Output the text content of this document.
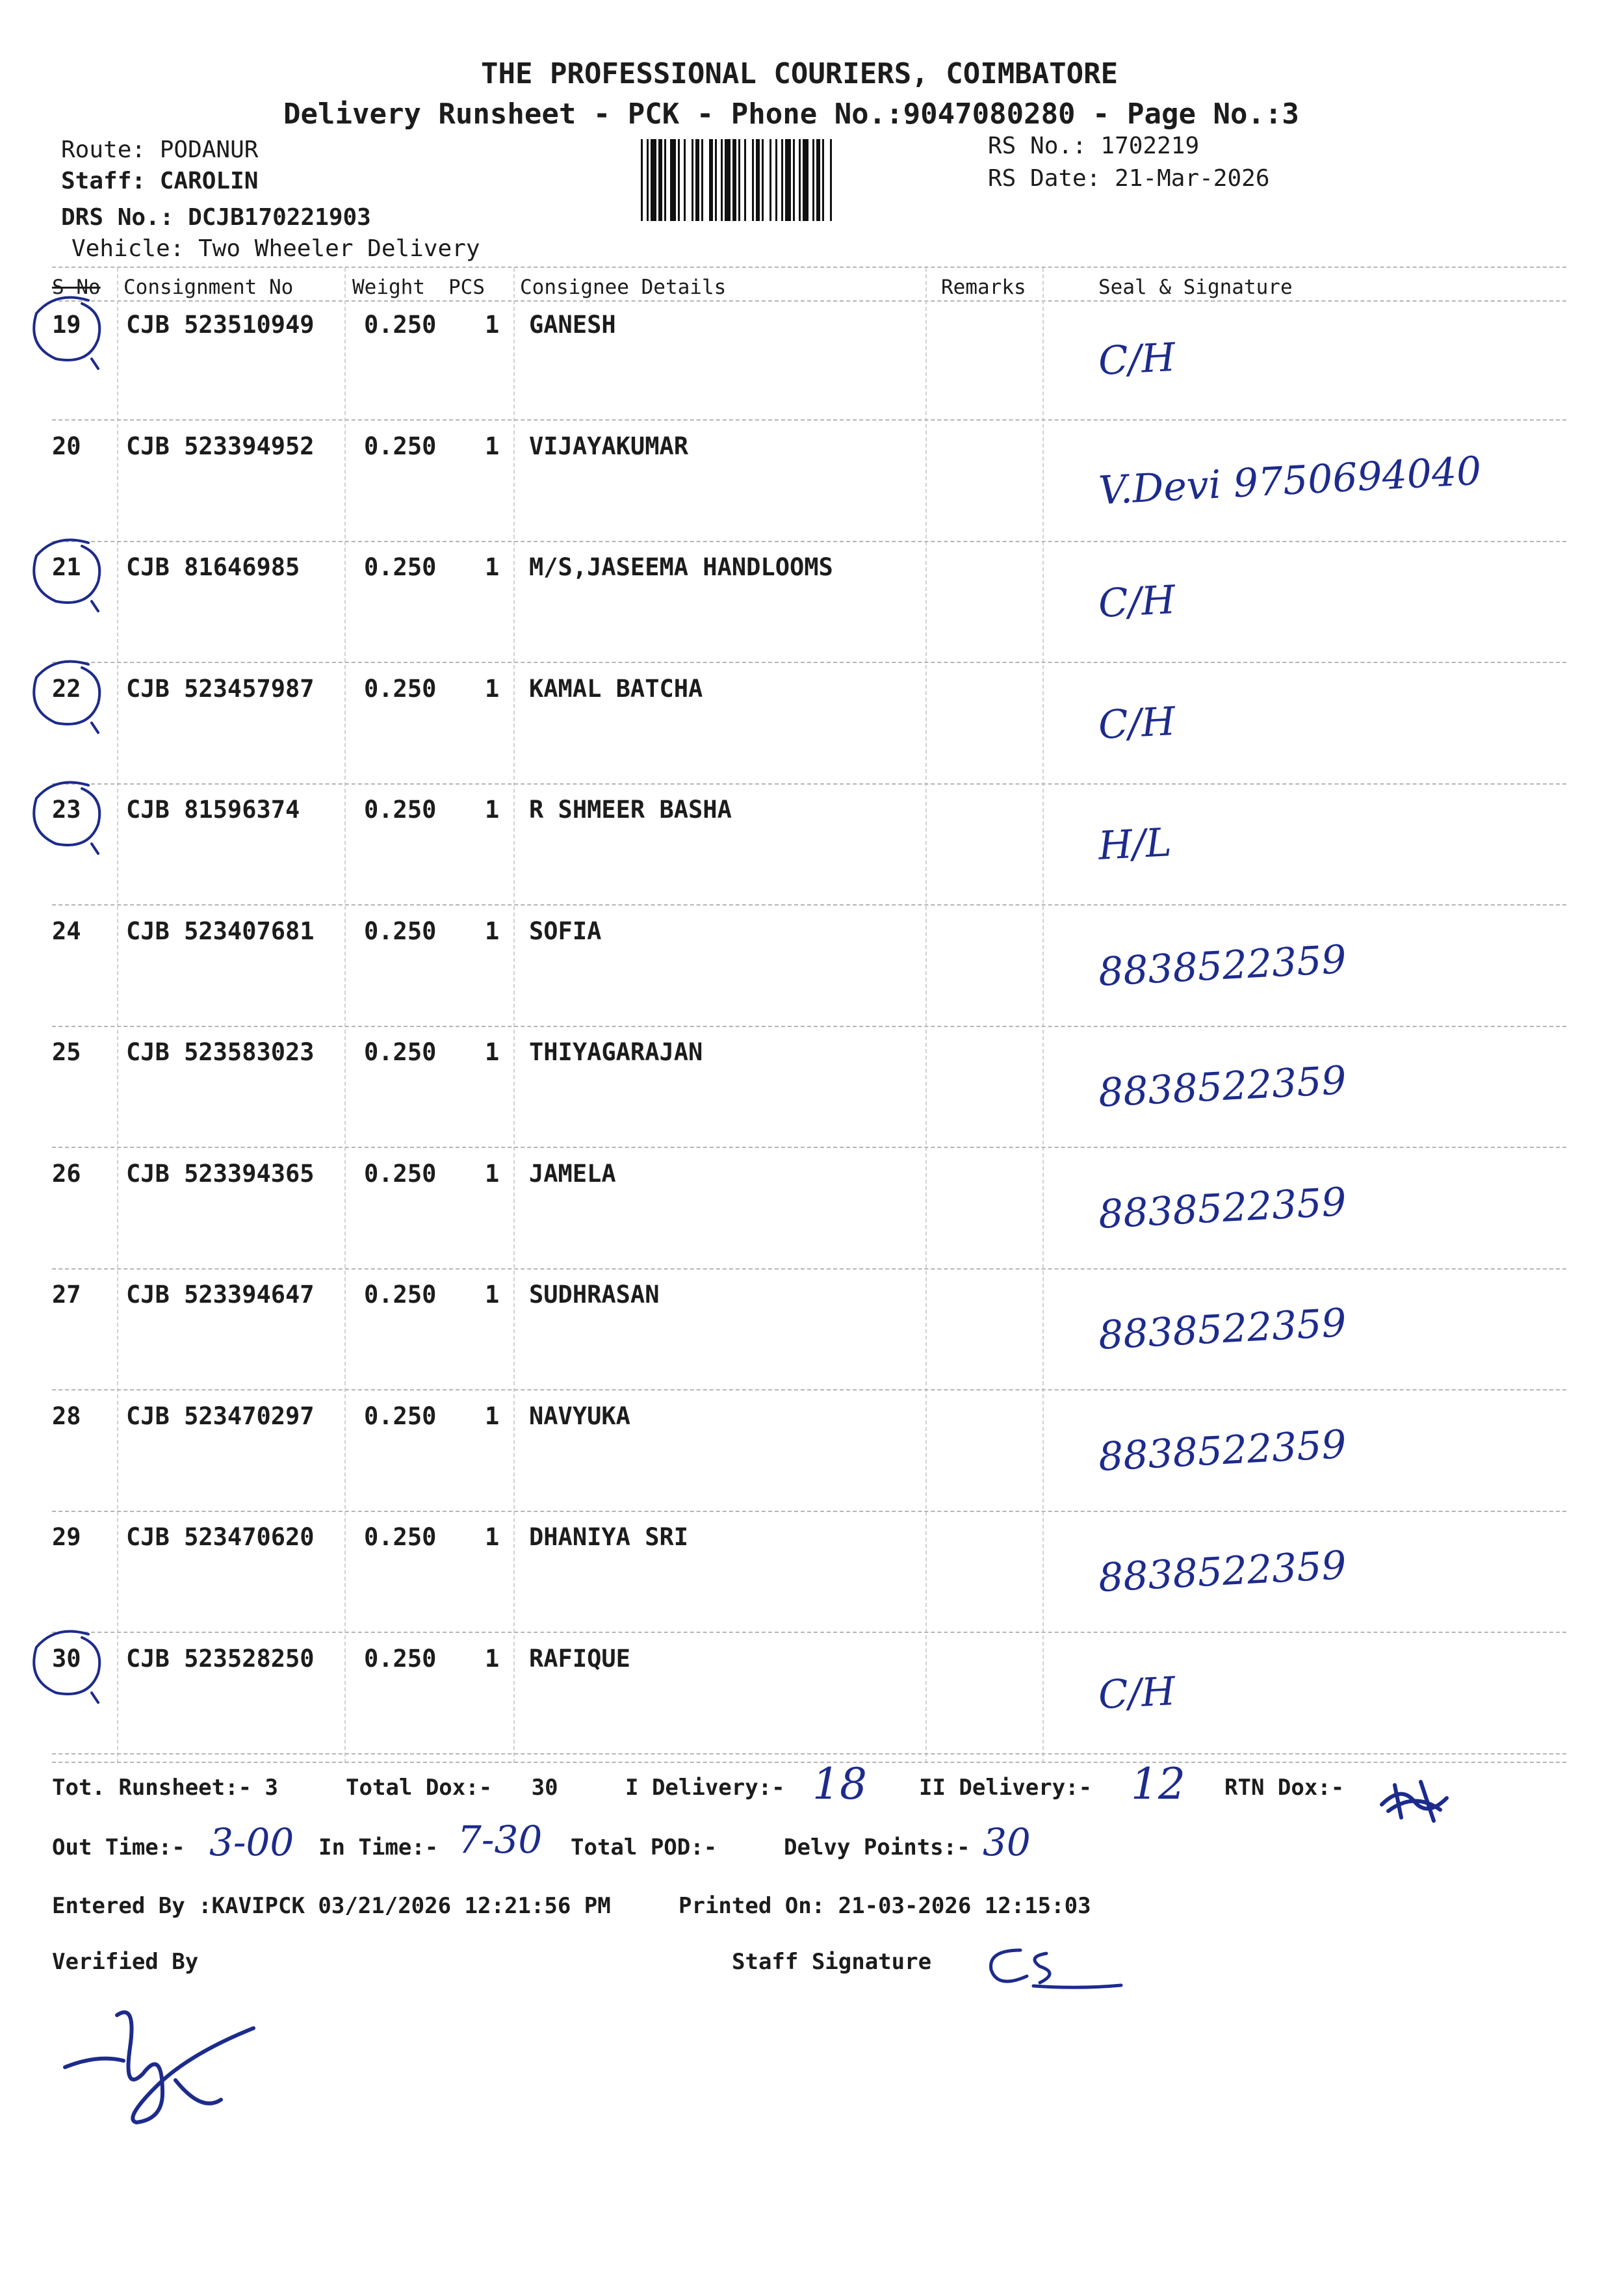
THE PROFESSIONAL COURIERS, COIMBATORE
Delivery Runsheet - PCK - Phone No.:9047080280 - Page No.:3
Route: PODANUR
Staff: CAROLIN
DRS No.: DCJB170221903
Vehicle: Two Wheeler Delivery
RS No.: 1702219
RS Date: 21-Mar-2026
S No Consignment No	Weight PCS Consignee Details	Remarks	Seal & Signature
19 CJB 523510949 0.250 1 GANESH
C/H
20 CJB 523394952 0.250 1 VIJAYAKUMAR
V.Devi 9750694040
21 CJB 81646985	0.250 1 M/S,JASEEMA HANDLOOMS
C/H
22 CJB 523457987 0.250 1 KAMAL BATCHA
C/H
23 CJB 81596374	0.250 1 R SHMEER BASHA
H/L
24 CJB 523407681 0.250 1 SOFIA
8838522359
25 CJB 523583023 0.250 1 THIYAGARAJAN
8838522359
26 CJB 523394365 0.250 1 JAMELA
8838522359
27 CJB 523394647 0.250 1 SUDHRASAN
8838522359
28 CJB 523470297 0.250 1 NAVYUKA
8838522359
29 CJB 523470620 0.250 1 DHANIYA SRI
8838522359
30 CJB 523528250 0.250 1 RAFIQUE
C/H
Tot. Runsheet:- 3	Total Dox:- 30	I Delivery:- 18 II Delivery:- 12 RTN Dox:-
Out Time:- 3-00 In Time:- 7-30 Total POD:-	Delvy Points:- 30
Entered By :KAVIPCK 03/21/2026 12:21:56 PM	Printed On: 21-03-2026 12:15:03
Verified By	Staff Signature
